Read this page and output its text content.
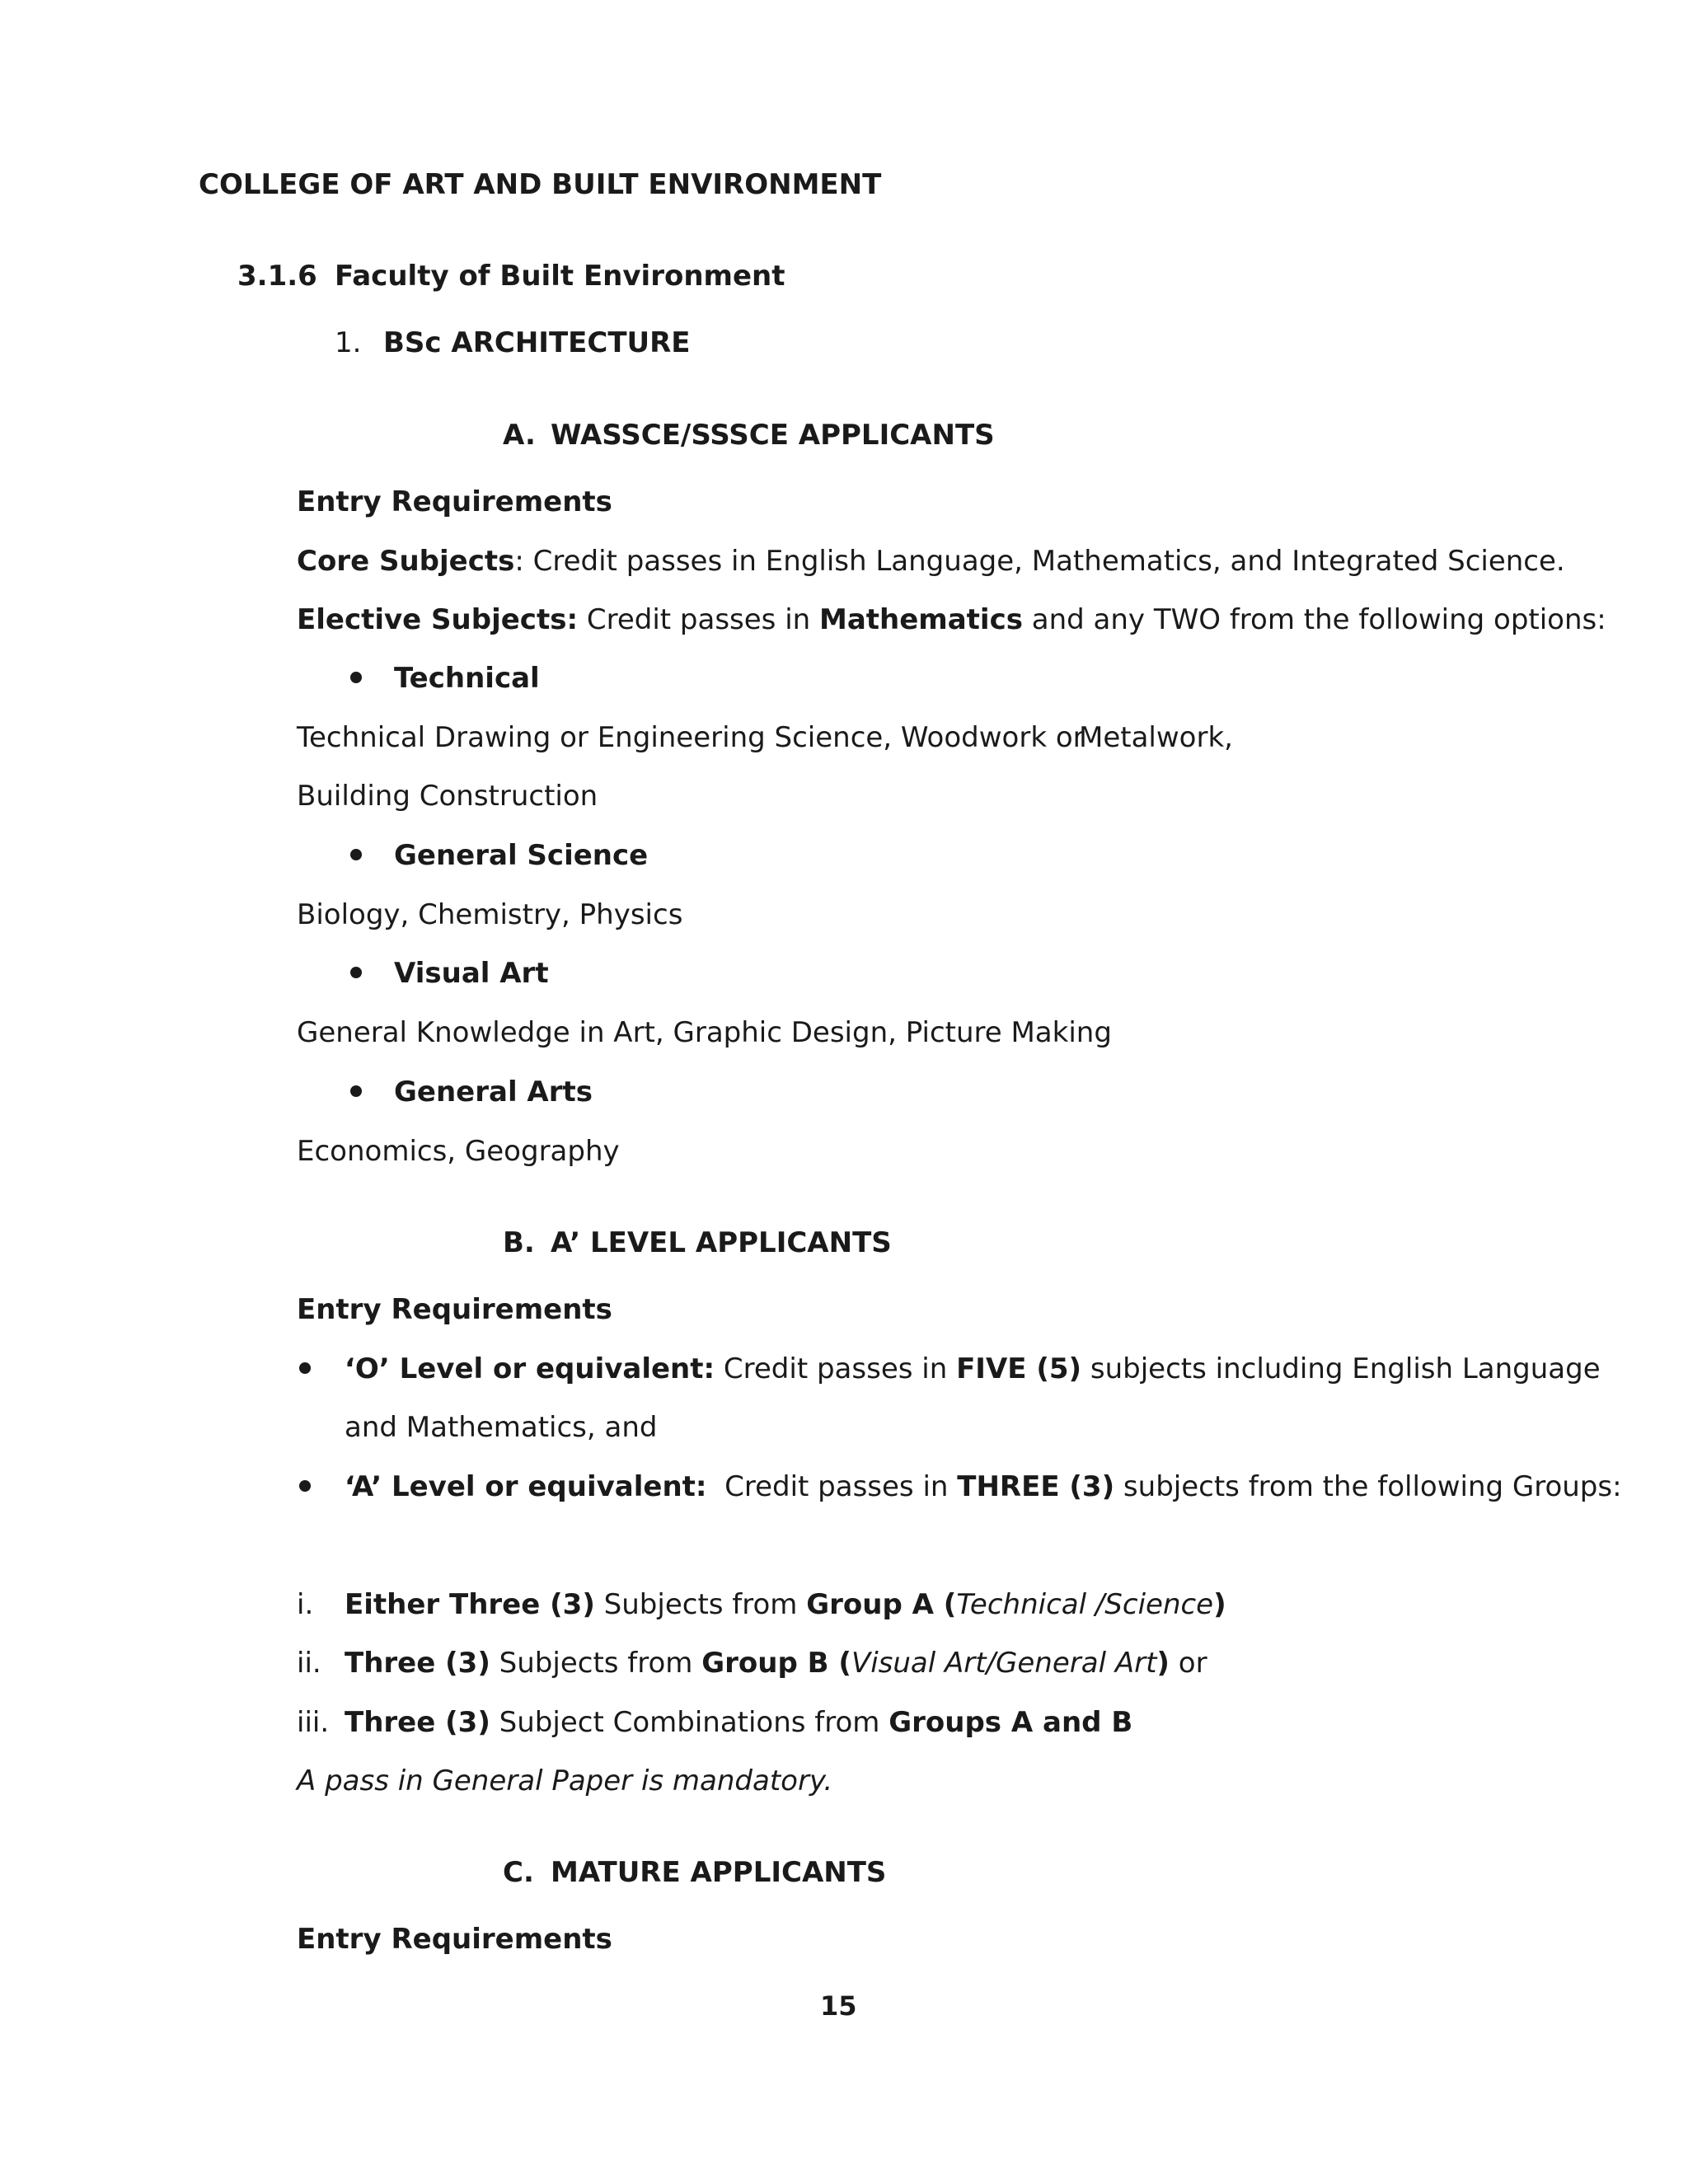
COLLEGE OF ART AND BUILT ENVIRONMENT
3.1.6 Faculty of Built Environment
1. BSc ARCHITECTURE
A. WASSCE/SSSCE APPLICANTS
Entry Requirements
Core Subjects: Credit passes in English Language, Mathematics, and Integrated Science.
Elective Subjects: Credit passes in Mathematics and any TWO from the following options:
Technical
Technical Drawing or Engineering Science, Woodwork or
Metalwork,
Building Construction
General Science
Biology, Chemistry, Physics
Visual Art
General Knowledge in Art, Graphic Design, Picture Making
General Arts
Economics, Geography
B. A’ LEVEL APPLICANTS
Entry Requirements
‘O’ Level or equivalent: Credit passes in FIVE (5) subjects including English Language
and Mathematics, and
‘A’ Level or equivalent:  Credit passes in THREE (3) subjects from the following Groups:
i. Either Three (3) Subjects from Group A (Technical /Science)
ii. Three (3) Subjects from Group B (Visual Art/General Art) or
iii. Three (3) Subject Combinations from Groups A and B
A pass in General Paper is mandatory.
C. MATURE APPLICANTS
Entry Requirements
15
